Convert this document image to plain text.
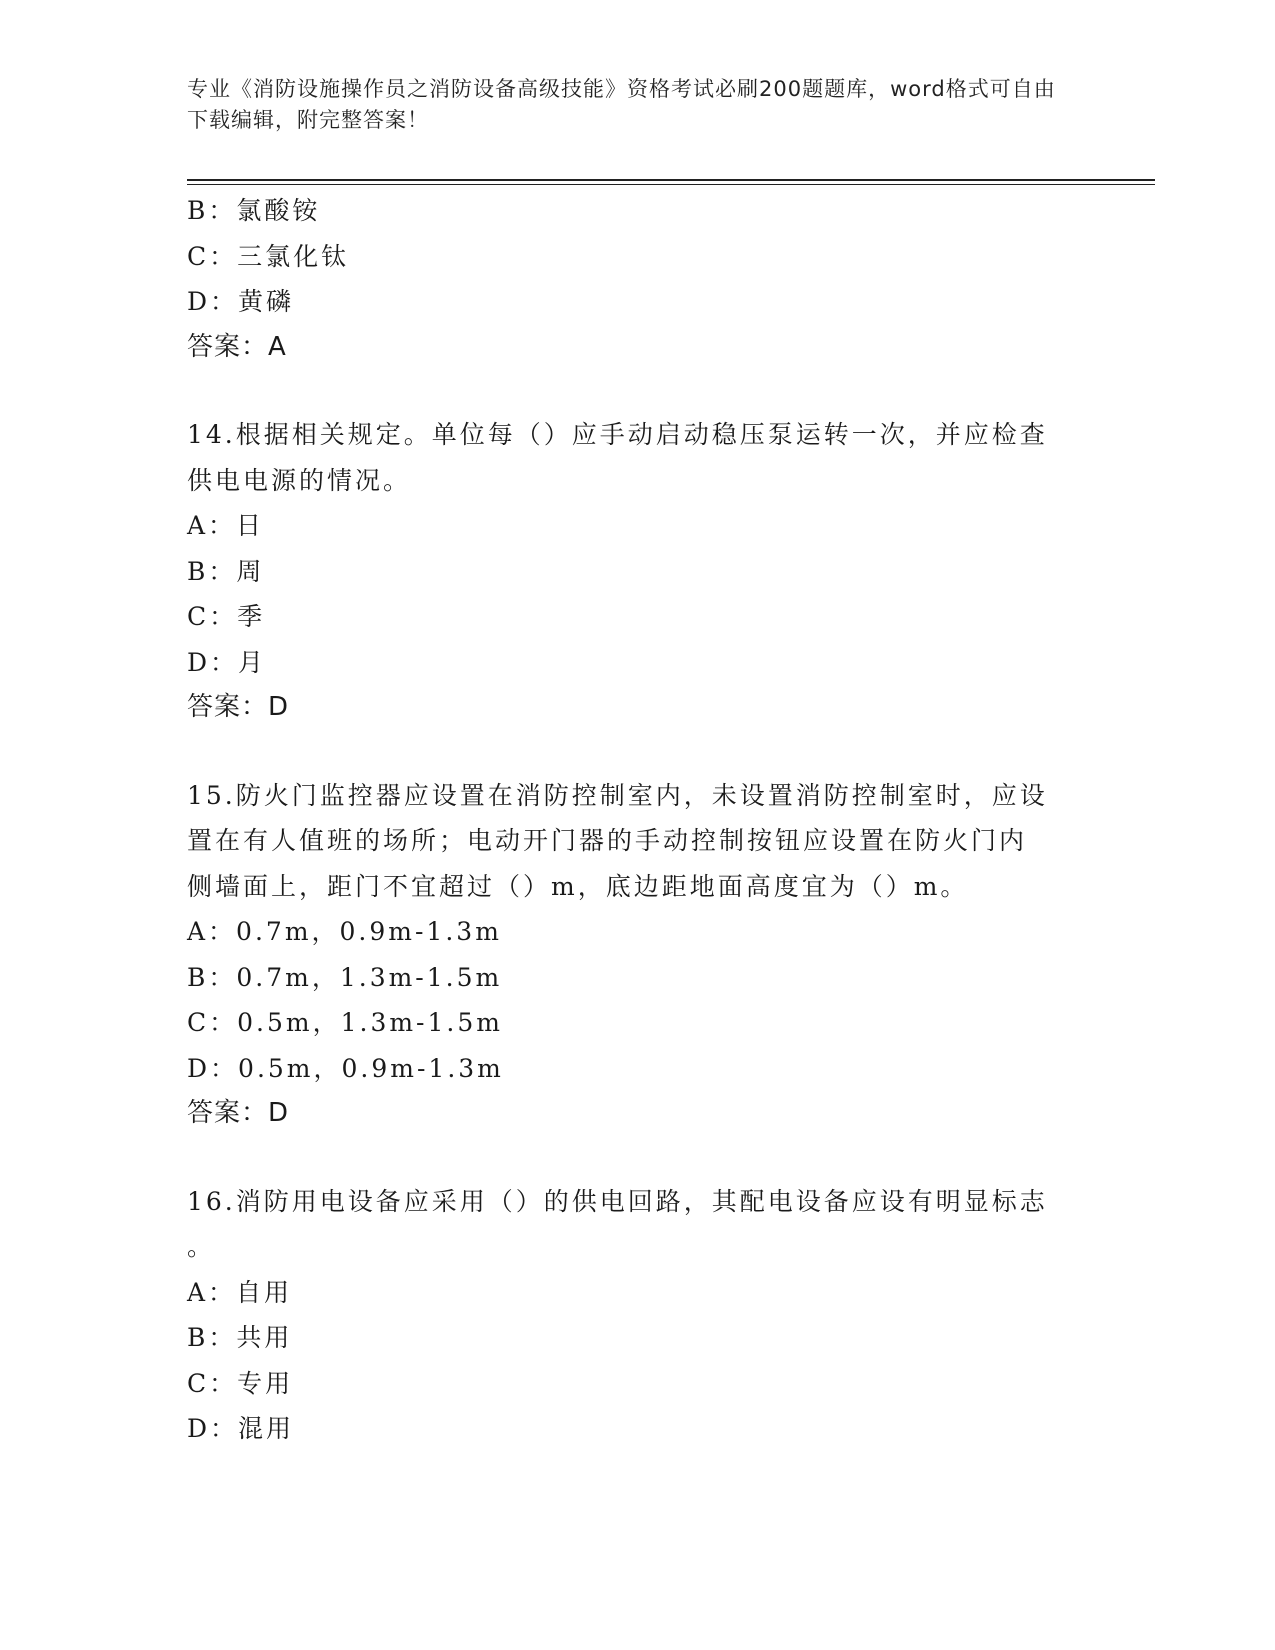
专业《消防设施操作员之消防设备高级技能》资格考试必刷200题题库，word格式可自由下载编辑，附完整答案！
B：氯酸铵
C：三氯化钛
D：黄磷
答案：A
14.根据相关规定。单位每（）应手动启动稳压泵运转一次，并应检查
供电电源的情况。
A：日
B：周
C：季
D：月
答案：D
15.防火门监控器应设置在消防控制室内，未设置消防控制室时，应设
置在有人值班的场所；电动开门器的手动控制按钮应设置在防火门内
侧墙面上，距门不宜超过（）m，底边距地面高度宜为（）m。
A：0.7m，0.9m-1.3m
B：0.7m，1.3m-1.5m
C：0.5m，1.3m-1.5m
D：0.5m，0.9m-1.3m
答案：D
16.消防用电设备应采用（）的供电回路，其配电设备应设有明显标志
。
A：自用
B：共用
C：专用
D：混用
